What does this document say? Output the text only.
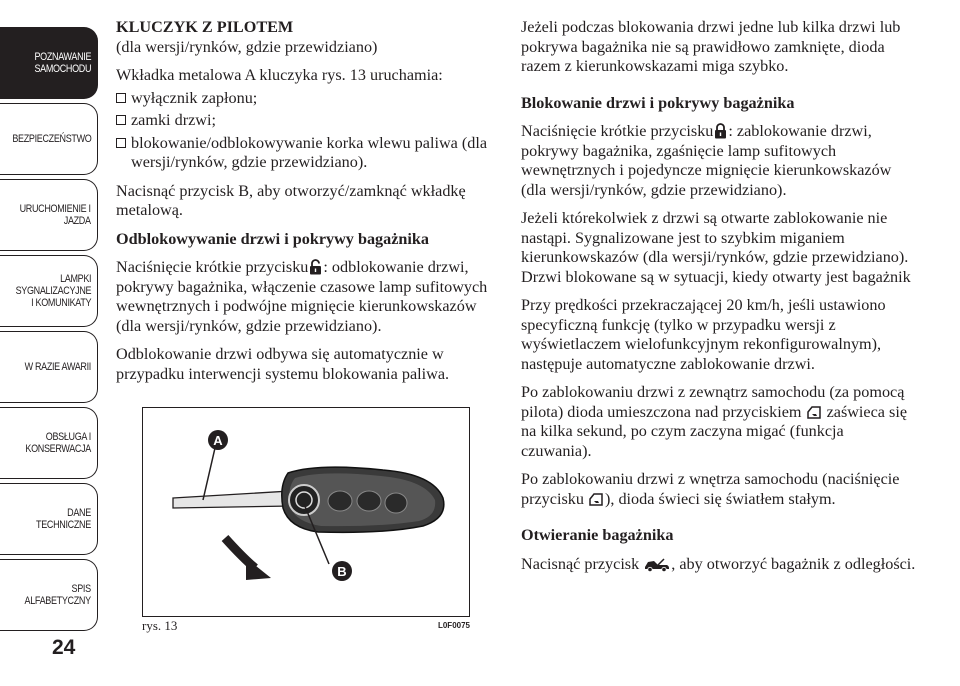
POZNAWANIE
SAMOCHODU
BEZPIECZEŃSTWO
URUCHOMIENIE I
JAZDA
LAMPKI
SYGNALIZACYJNE
I KOMUNIKATY
W RAZIE AWARII
OBSŁUGA I
KONSERWACJA
DANE
TECHNICZNE
SPIS
ALFABETYCZNY
24
KLUCZYK Z PILOTEM

(dla wersji/rynków, gdzie przewidziano)

Wkładka metalowa A kluczyka rys. 13 uruchamia:

wyłącznik zapłonu;
zamki drzwi;
blokowanie/odblokowywanie korka wlewu paliwa (dla wersji/rynków, gdzie przewidziano).

Nacisnąć przycisk B, aby otworzyć/zamknąć wkładkę metalową.

Odblokowywanie drzwi i pokrywy bagażnika

Naciśnięcie krótkie przycisku : odblokowanie drzwi, pokrywy bagażnika, włączenie czasowe lamp sufitowych wewnętrznych i podwójne mignięcie kierunkowskazów (dla wersji/rynków, gdzie przewidziano).

Odblokowanie drzwi odbywa się automatycznie w przypadku interwencji systemu blokowania paliwa.

A
B
rys. 13	L0F0075

Jeżeli podczas blokowania drzwi jedne lub kilka drzwi lub pokrywa bagażnika nie są prawidłowo zamknięte, dioda razem z kierunkowskazami miga szybko.

Blokowanie drzwi i pokrywy bagażnika

Naciśnięcie krótkie przycisku : zablokowanie drzwi, pokrywy bagażnika, zgaśnięcie lamp sufitowych wewnętrznych i pojedyncze mignięcie kierunkowskazów (dla wersji/rynków, gdzie przewidziano).

Jeżeli którekolwiek z drzwi są otwarte zablokowanie nie nastąpi. Sygnalizowane jest to szybkim miganiem kierunkowskazów (dla wersji/rynków, gdzie przewidziano). Drzwi blokowane są w sytuacji, kiedy otwarty jest bagażnik

Przy prędkości przekraczającej 20 km/h, jeśli ustawiono specyficzną funkcję (tylko w przypadku wersji z wyświetlaczem wielofunkcyjnym rekonfigurowalnym), następuje automatyczne zablokowanie drzwi.

Po zablokowaniu drzwi z zewnątrz samochodu (za pomocą pilota) dioda umieszczona nad przyciskiem zaświeca się na kilka sekund, po czym zaczyna migać (funkcja czuwania).

Po zablokowaniu drzwi z wnętrza samochodu (naciśnięcie przycisku ), dioda świeci się światłem stałym.

Otwieranie bagażnika

Nacisnąć przycisk , aby otworzyć bagażnik z odległości.
